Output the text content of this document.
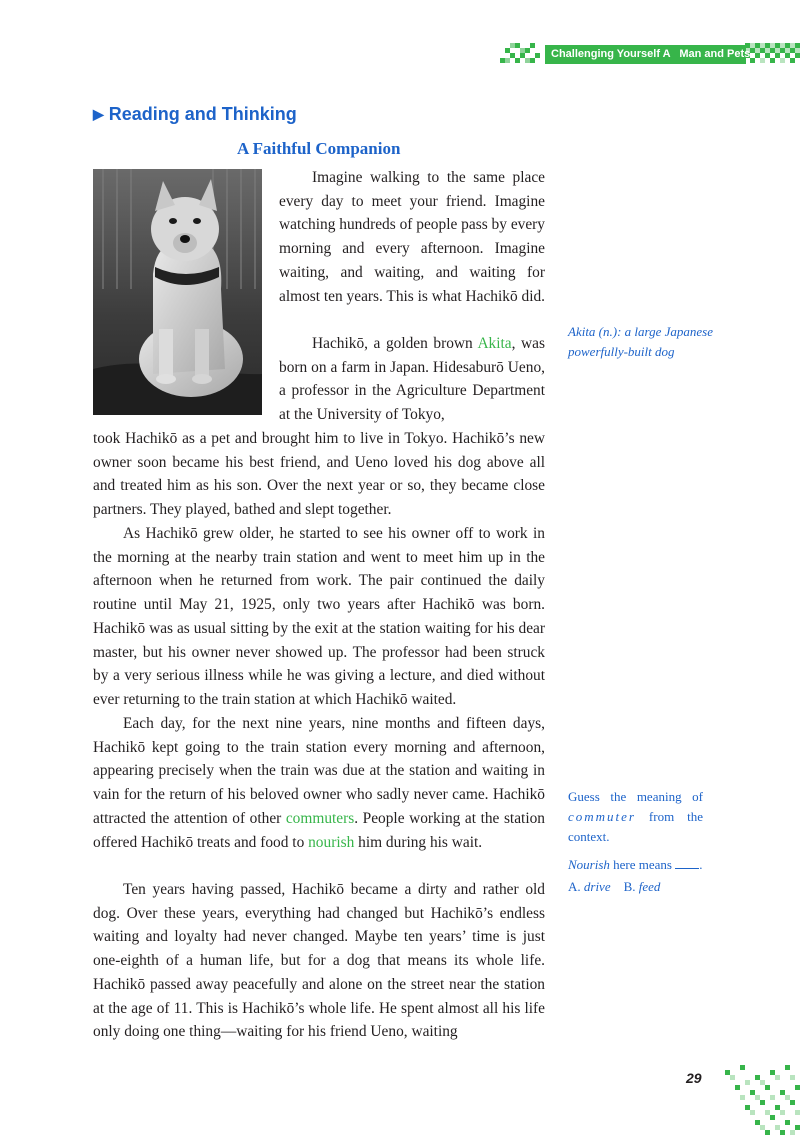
Challenging Yourself A   Man and Pets
▶ Reading and Thinking
A Faithful Companion
Imagine walking to the same place every day to meet your friend. Imagine watching hundreds of people pass by every morning and every afternoon. Imagine waiting, and waiting, and waiting for almost ten years. This is what Hachikō did.
Hachikō, a golden brown Akita, was born on a farm in Japan. Hidesaburō Ueno, a professor in the Agriculture Department at the University of Tokyo,
took Hachikō as a pet and brought him to live in Tokyo. Hachikō’s new owner soon became his best friend, and Ueno loved his dog above all and treated him as his son. Over the next year or so, they became close partners. They played, bathed and slept together.
As Hachikō grew older, he started to see his owner off to work in the morning at the nearby train station and went to meet him up in the afternoon when he returned from work. The pair continued the daily routine until May 21, 1925, only two years after Hachikō was born. Hachikō was as usual sitting by the exit at the station waiting for his dear master, but his owner never showed up. The professor had been struck by a very serious illness while he was giving a lecture, and died without ever returning to the train station at which Hachikō waited.
Each day, for the next nine years, nine months and fifteen days, Hachikō kept going to the train station every morning and afternoon, appearing precisely when the train was due at the station and waiting in vain for the return of his beloved owner who sadly never came. Hachikō attracted the attention of other commuters. People working at the station offered Hachikō treats and food to nourish him during his wait.
Ten years having passed, Hachikō became a dirty and rather old dog. Over these years, everything had changed but Hachikō’s endless waiting and loyalty had never changed. Maybe ten years’ time is just one-eighth of a human life, but for a dog that means its whole life. Hachikō passed away peacefully and alone on the street near the station at the age of 11. This is Hachikō’s whole life. He spent almost all his life only doing one thing—waiting for his friend Ueno, waiting
Akita (n.): a large Japanese powerfully-built dog
Guess the meaning of commuter from the context.
Nourish here means .
A. drive B. feed
29
